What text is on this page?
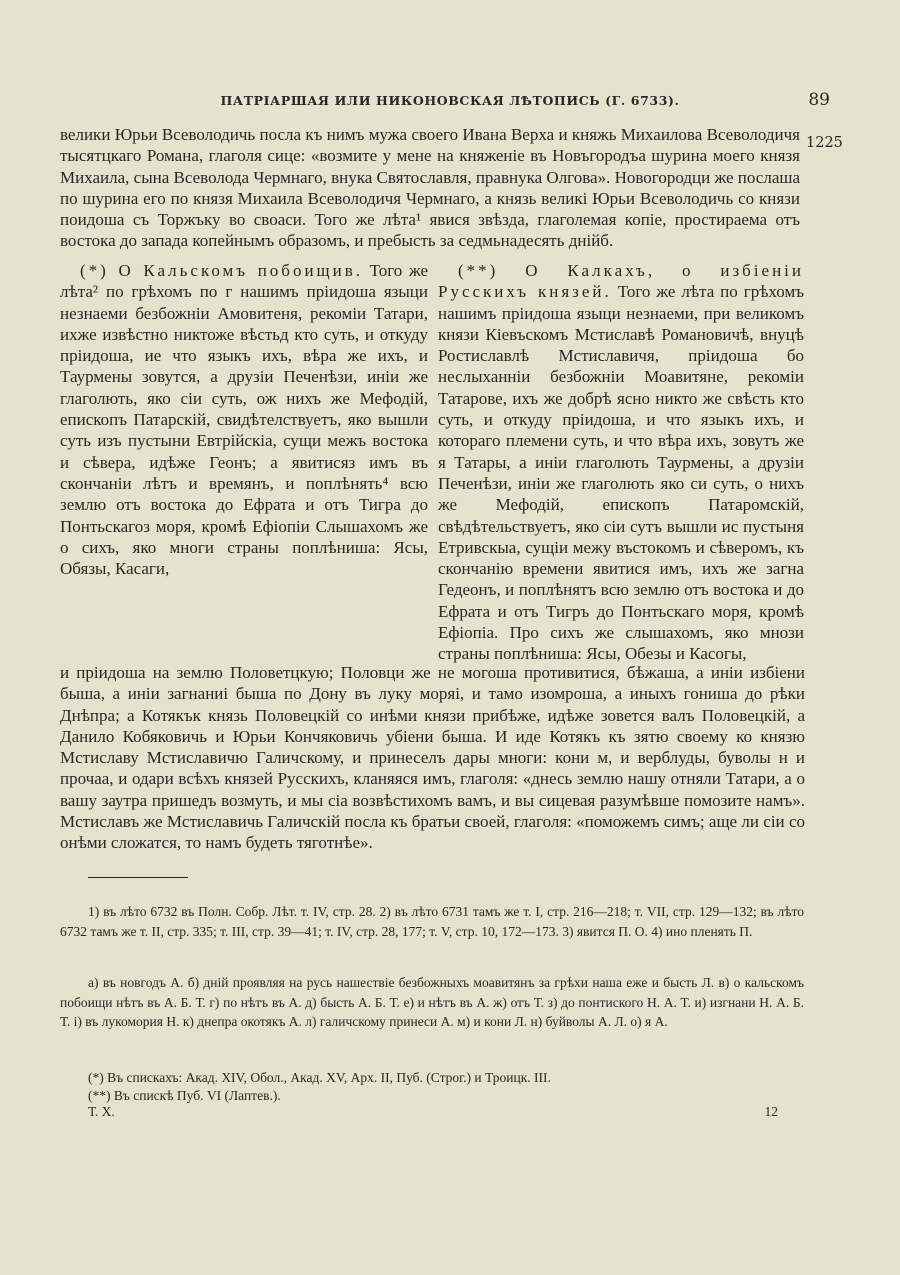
ПАТРІАРШАЯ ИЛИ НИКОНОВСКАЯ ЛѢТОПИСЬ (Г. 6733).	89
1225

велики Юрьи Всеволодичь посла къ нимъ мужа своего Ивана Верха и княжь Михаилова Всеволодичя тысятцкаго Романа, глаголя сице: «возмите у мене на княженіе въ Новъгородъа шурина моего князя Михаила, сына Всеволода Чермнаго, внука Святославля, правнука Олгова». Новогородци же послаша по шурина его по князя Михаила Всеволодичя Чермнаго, а князь великі Юрьи Всеволодичь со князи поидоша съ Торжъку во своаси. Того же лѣта¹ явися звѣзда, глаголемая копіе, простираема отъ востока до запада копейнымъ образомъ, и пребысть за седмьнадесять днійб.

(*) О Кальскомъ побоищив. Того же лѣта² по грѣхомъ по г нашимъ пріидоша языци незнаеми безбожніи Амовитеня, рекоміи Татари, ихже извѣстно никтоже вѣстьд кто суть, и откуду пріидоша, ие что языкъ ихъ, вѣра же ихъ, и Таурмены зовутся, а друзіи Печенѣзи, иніи же глаголють, яко сіи суть, ож нихъ же Мефодій, епископъ Патарскій, свидѣтелствуетъ, яко вышли суть изъ пустыни Евтрійскіа, сущи межъ востока и сѣвера, идѣже Геонъ; а явитисяз имъ въ скончаніи лѣтъ и времянъ, и поплѣнять⁴ всю землю отъ востока до Ефрата и отъ Тигра до Понтьскагоз моря, кромѣ Ефіопіи Слышахомъ же о сихъ, яко многи страны поплѣниша: Ясы, Обязы, Касаги,

(**) О Калкахъ, о избіеніи Русскихъ князей. Того же лѣта по грѣхомъ нашимъ пріидоша языци незнаеми, при великомъ князи Кіевъскомъ Мстиславѣ Романовичѣ, внуцѣ Ростиславлѣ Мстиславичя, пріидоша бо неслыханніи безбожніи Моавитяне, рекоміи Татарове, ихъ же добрѣ ясно никто же свѣсть кто суть, и откуду пріидоша, и что языкъ ихъ, и котораго племени суть, и что вѣра ихъ, зовутъ же я Татары, а иніи глаголють Таурмены, а друзіи Печенѣзи, иніи же глаголють яко си суть, о нихъ же Мефодій, епископъ Патаромскій, свѣдѣтельствуетъ, яко сіи сутъ вышли ис пустыня Етривскыа, сущіи межу въстокомъ и сѣверомъ, къ скончанію времени явитися имъ, ихъ же загна Гедеонъ, и поплѣнятъ всю землю отъ востока и до Ефрата и отъ Тигръ до Понтьскаго моря, кромѣ Ефіопіа. Про сихъ же слышахомъ, яко мнози страны поплѣниша: Ясы, Обезы и Касогы,

и пріидоша на землю Половетцкую; Половци же не могоша противитися, бѣжаша, а иніи избіени быша, а иніи загнаниі быша по Дону въ луку моряі, и тамо изомроша, а иныхъ гониша до рѣки Днѣпра; а Котякък князь Половецкій со инѣми князи прибѣже, идѣже зовется валъ Половецкій, а Данило Кобяковичь и Юрьи Кончяковичь убіени быша. И иде Котякъ къ зятю своему ко князю Мстиславу Мстиславичю Галичскому, и принеселъ дары многи: кони м, и верблуды, буволы н и прочаа, и одари всѣхъ князей Русскихъ, кланяяся имъ, глаголя: «днесь землю нашу отняли Татари, а о вашу заутра пришедъ возмуть, и мы сіа возвѣстихомъ вамъ, и вы сицевая разумѣвше помозите намъ». Мстиславъ же Мстиславичь Галичскій посла къ братьи своей, глаголя: «поможемъ симъ; аще ли сіи со онѣми сложатся, то намъ будеть тяготнѣе».

1) въ лѣто 6732 въ Полн. Собр. Лѣт. т. IV, стр. 28. 2) въ лѣто 6731 тамъ же т. I, стр. 216—218; т. VII, стр. 129—132; въ лѣто 6732 тамъ же т. II, стр. 335; т. III, стр. 39—41; т. IV, стр. 28, 177; т. V, стр. 10, 172—173. 3) явится П. О. 4) ино пленять П.

а) въ новгодъ А. б) дній проявляя на русь нашествіе безбожныхъ моавитянъ за грѣхи наша еже и бысть Л. в) о кальскомъ побоищи нѣтъ въ А. Б. Т. г) по нѣтъ въ А. д) бысть А. Б. Т. е) и нѣтъ въ А. ж) отъ Т. з) до понтиского Н. А. Т. и) изгнани Н. А. Б. Т. і) въ лукомория Н. к) днепра окотякъ А. л) галичскому принеси А. м) и кони Л. н) буйволы А. Л. о) я А.

(*) Въ спискахъ: Акад. XIV, Обол., Акад. XV, Арх. II, Пуб. (Строг.) и Троицк. III.

(**) Въ спискѣ Пуб. VI (Лаптев.).

Т. X.	12
